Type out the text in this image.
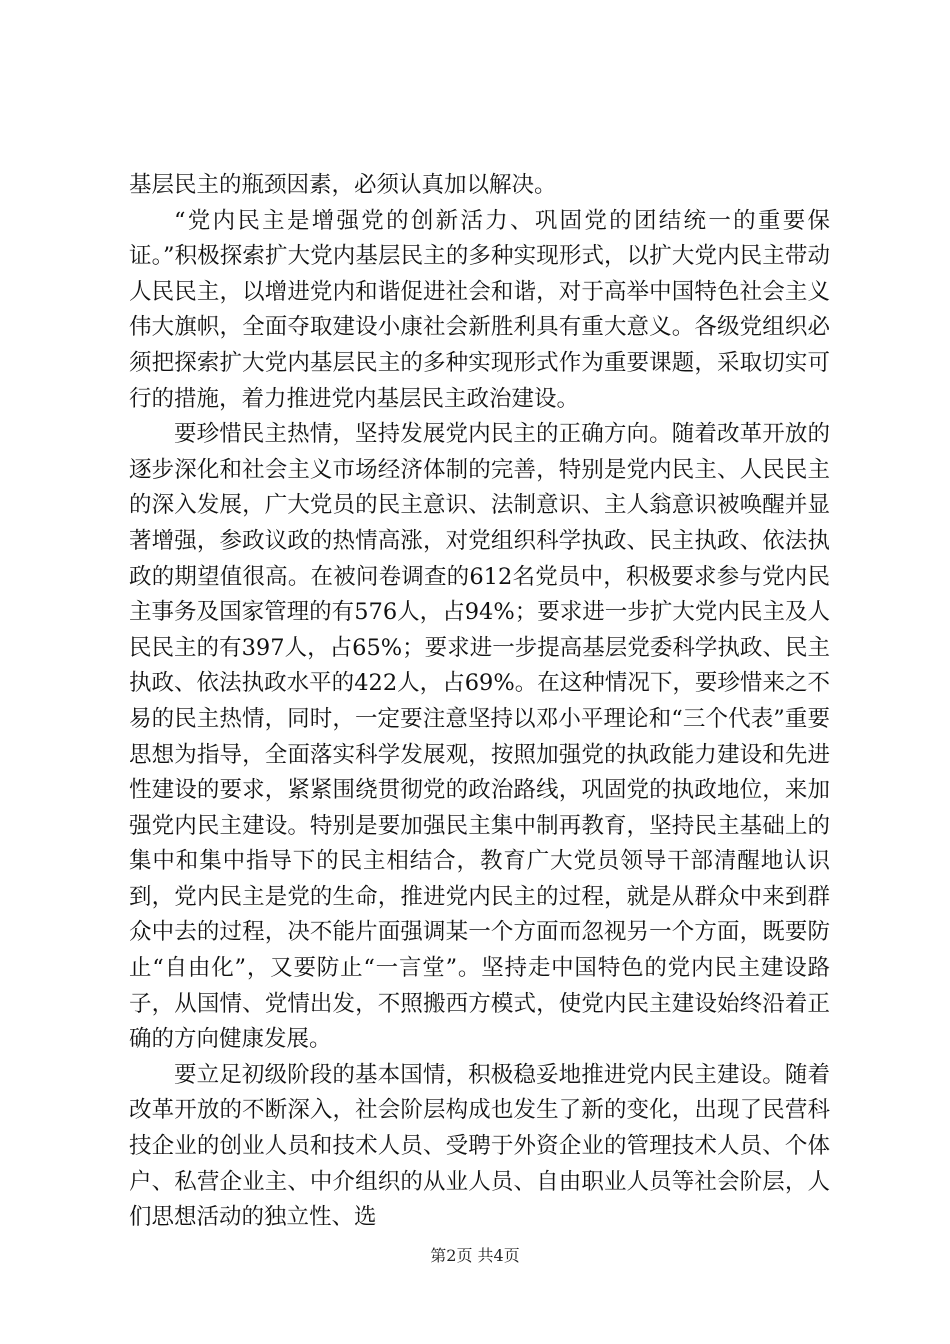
基层民主的瓶颈因素，必须认真加以解决。

“党内民主是增强党的创新活力、巩固党的团结统一的重要保证。”积极探索扩大党内基层民主的多种实现形式，以扩大党内民主带动人民民主，以增进党内和谐促进社会和谐，对于高举中国特色社会主义伟大旗帜，全面夺取建设小康社会新胜利具有重大意义。各级党组织必须把探索扩大党内基层民主的多种实现形式作为重要课题，采取切实可行的措施，着力推进党内基层民主政治建设。

要珍惜民主热情，坚持发展党内民主的正确方向。随着改革开放的逐步深化和社会主义市场经济体制的完善，特别是党内民主、人民民主的深入发展，广大党员的民主意识、法制意识、主人翁意识被唤醒并显著增强，参政议政的热情高涨，对党组织科学执政、民主执政、依法执政的期望值很高。在被问卷调查的612名党员中，积极要求参与党内民主事务及国家管理的有576人，占94%；要求进一步扩大党内民主及人民民主的有397人，占65%；要求进一步提高基层党委科学执政、民主执政、依法执政水平的422人，占69%。在这种情况下，要珍惜来之不易的民主热情，同时，一定要注意坚持以邓小平理论和“三个代表”重要思想为指导，全面落实科学发展观，按照加强党的执政能力建设和先进性建设的要求，紧紧围绕贯彻党的政治路线，巩固党的执政地位，来加强党内民主建设。特别是要加强民主集中制再教育，坚持民主基础上的集中和集中指导下的民主相结合，教育广大党员领导干部清醒地认识到，党内民主是党的生命，推进党内民主的过程，就是从群众中来到群众中去的过程，决不能片面强调某一个方面而忽视另一个方面，既要防止“自由化”，又要防止“一言堂”。坚持走中国特色的党内民主建设路子，从国情、党情出发，不照搬西方模式，使党内民主建设始终沿着正确的方向健康发展。

要立足初级阶段的基本国情，积极稳妥地推进党内民主建设。随着改革开放的不断深入，社会阶层构成也发生了新的变化，出现了民营科技企业的创业人员和技术人员、受聘于外资企业的管理技术人员、个体户、私营企业主、中介组织的从业人员、自由职业人员等社会阶层，人们思想活动的独立性、选

第2页 共4页
